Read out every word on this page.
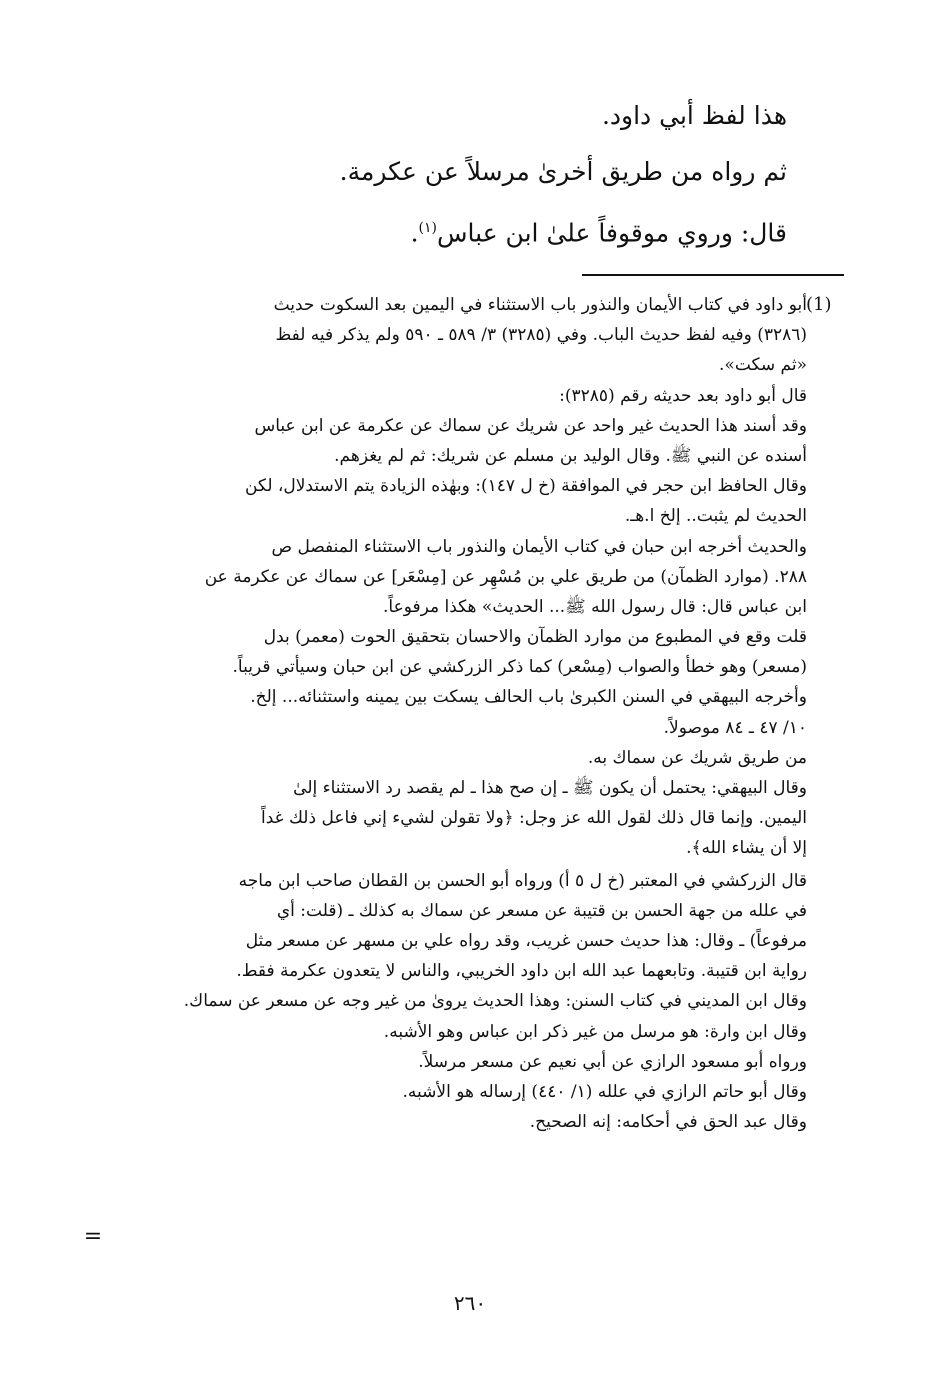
هذا لفظ أبي داود.
ثم رواه من طريق أخرىٰ مرسلاً عن عكرمة.
قال: وروي موقوفاً علىٰ ابن عباس$^{(١)}$.
(1)
أبو داود في كتاب الأيمان والنذور باب الاستثناء في اليمين بعد السكوت حديث
(٣٢٨٦) وفيه لفظ حديث الباب. وفي (٣٢٨٥) ٣/ ٥٨٩ ـ ٥٩٠ ولم يذكر فيه لفظ
«ثم سكت».
قال أبو داود بعد حديثه رقم (٣٢٨٥):
وقد أسند هذا الحديث غير واحد عن شريك عن سماك عن عكرمة عن ابن عباس
أسنده عن النبي ﷺ. وقال الوليد بن مسلم عن شريك: ثم لم يغزهم.
وقال الحافظ ابن حجر في الموافقة (خ ل ١٤٧): وبهٰذه الزيادة يتم الاستدلال، لكن
الحديث لم يثبت.. إلخ ا.هـ.
والحديث أخرجه ابن حبان في كتاب الأيمان والنذور باب الاستثناء المنفصل ص
٢٨٨. (موارد الظمآن) من طريق علي بن مُسْهِر عن [مِسْعَر] عن سماك عن عكرمة عن
ابن عباس قال: قال رسول الله ﷺ... الحديث» هكذا مرفوعاً.
قلت وقع في المطبوع من موارد الظمآن والاحسان بتحقيق الحوت (معمر) بدل
(مسعر) وهو خطأ والصواب (مِسْعر) كما ذكر الزركشي عن ابن حبان وسيأتي قريباً.
وأخرجه البيهقي في السنن الكبرىٰ باب الحالف يسكت بين يمينه واستثنائه... إلخ.
١٠/ ٤٧ ـ ٨٤ موصولاً.
من طريق شريك عن سماك به.
وقال البيهقي: يحتمل أن يكون ﷺ ـ إن صح هذا ـ لم يقصد رد الاستثناء إلىٰ
اليمين. وإنما قال ذلك لقول الله عز وجل: ﴿ولا تقولن لشيء إني فاعل ذلك غداً
إلا أن يشاء الله﴾.
قال الزركشي في المعتبر (خ ل ٥ أ) ورواه أبو الحسن بن القطان صاحب ابن ماجه
في علله من جهة الحسن بن قتيبة عن مسعر عن سماك به كذلك ـ (قلت: أي
مرفوعاً) ـ وقال: هذا حديث حسن غريب، وقد رواه علي بن مسهر عن مسعر مثل
رواية ابن قتيبة. وتابعهما عبد الله ابن داود الخريبي، والناس لا يتعدون عكرمة فقط.
وقال ابن المديني في كتاب السنن: وهذا الحديث يروىٰ من غير وجه عن مسعر عن سماك.
وقال ابن وارة: هو مرسل من غير ذكر ابن عباس وهو الأشبه.
ورواه أبو مسعود الرازي عن أبي نعيم عن مسعر مرسلاً.
وقال أبو حاتم الرازي في علله (١/ ٤٤٠) إرساله هو الأشبه.
وقال عبد الحق في أحكامه: إنه الصحيح.
=
٢٦٠
